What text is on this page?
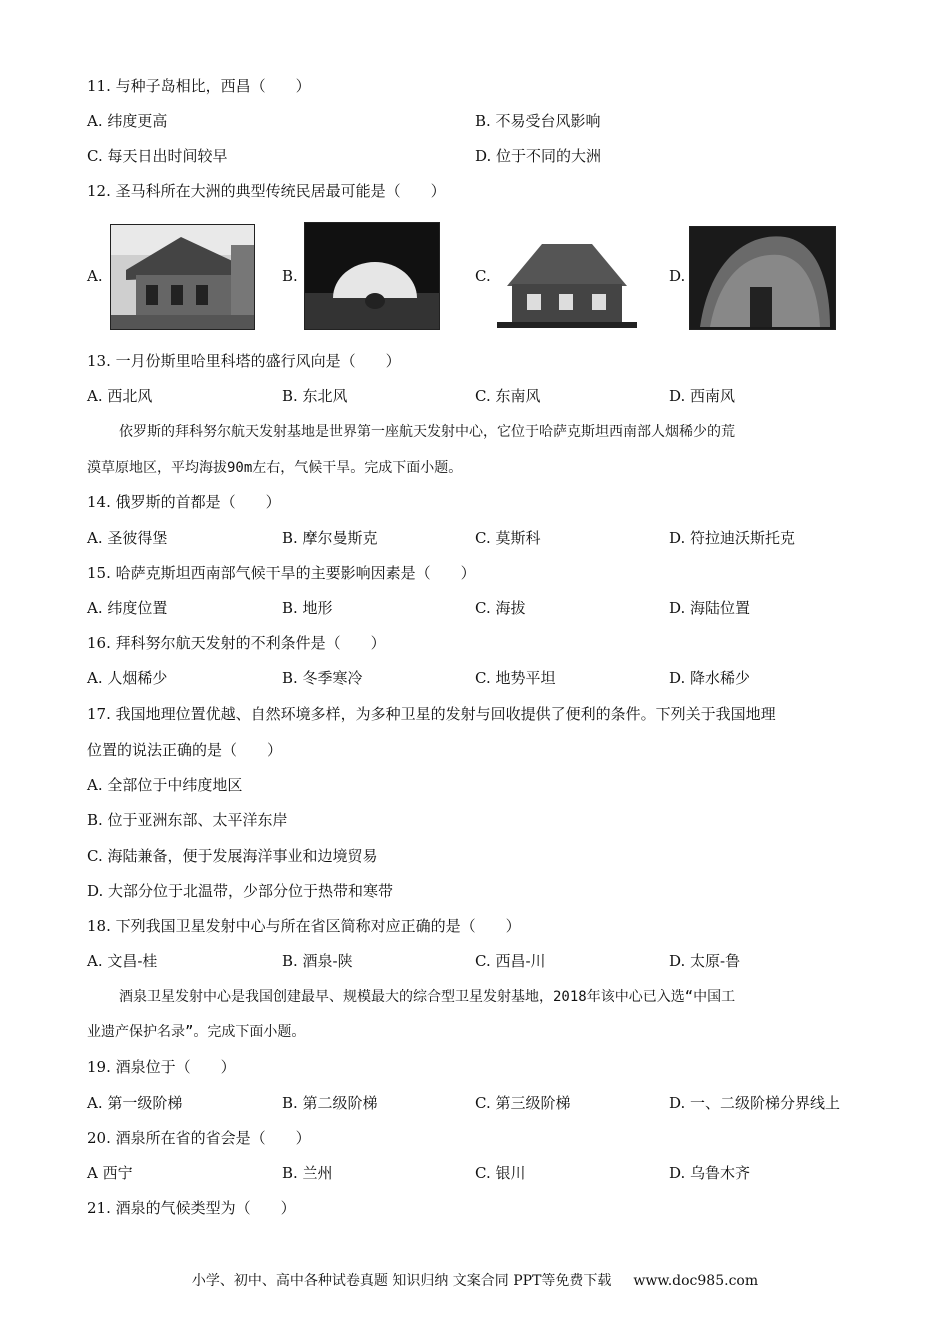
11. 与种子岛相比，西昌（　　）
A. 纬度更高	B. 不易受台风影响
C. 每天日出时间较早	D. 位于不同的大洲
12. 圣马科所在大洲的典型传统民居最可能是（　　）
A.	B.	C.	D.
13. 一月份斯里哈里科塔的盛行风向是（　　）
A. 西北风	B. 东北风	C. 东南风	D. 西南风
依罗斯的拜科努尔航天发射基地是世界第一座航天发射中心，它位于哈萨克斯坦西南部人烟稀少的荒
漠草原地区，平均海拔90m左右，气候干旱。完成下面小题。
14. 俄罗斯的首都是（　　）
A. 圣彼得堡	B. 摩尔曼斯克	C. 莫斯科	D. 符拉迪沃斯托克
15. 哈萨克斯坦西南部气候干旱的主要影响因素是（　　）
A. 纬度位置	B. 地形	C. 海拔	D. 海陆位置
16. 拜科努尔航天发射的不利条件是（　　）
A. 人烟稀少	B. 冬季寒冷	C. 地势平坦	D. 降水稀少
17. 我国地理位置优越、自然环境多样，为多种卫星的发射与回收提供了便利的条件。下列关于我国地理
位置的说法正确的是（　　）
A. 全部位于中纬度地区
B. 位于亚洲东部、太平洋东岸
C. 海陆兼备，便于发展海洋事业和边境贸易
D. 大部分位于北温带，少部分位于热带和寒带
18. 下列我国卫星发射中心与所在省区简称对应正确的是（　　）
A. 文昌-桂	B. 酒泉-陕	C. 西昌-川	D. 太原-鲁
酒泉卫星发射中心是我国创建最早、规模最大的综合型卫星发射基地，2018年该中心已入选“中国工
业遗产保护名录”。完成下面小题。
19. 酒泉位于（　　）
A. 第一级阶梯	B. 第二级阶梯	C. 第三级阶梯	D. 一、二级阶梯分界线上
20. 酒泉所在省的省会是（　　）
A 西宁	B. 兰州	C. 银川	D. 乌鲁木齐
21. 酒泉的气候类型为（　　）
小学、初中、高中各种试卷真题 知识归纳 文案合同 PPT等免费下载 www.doc985.com
